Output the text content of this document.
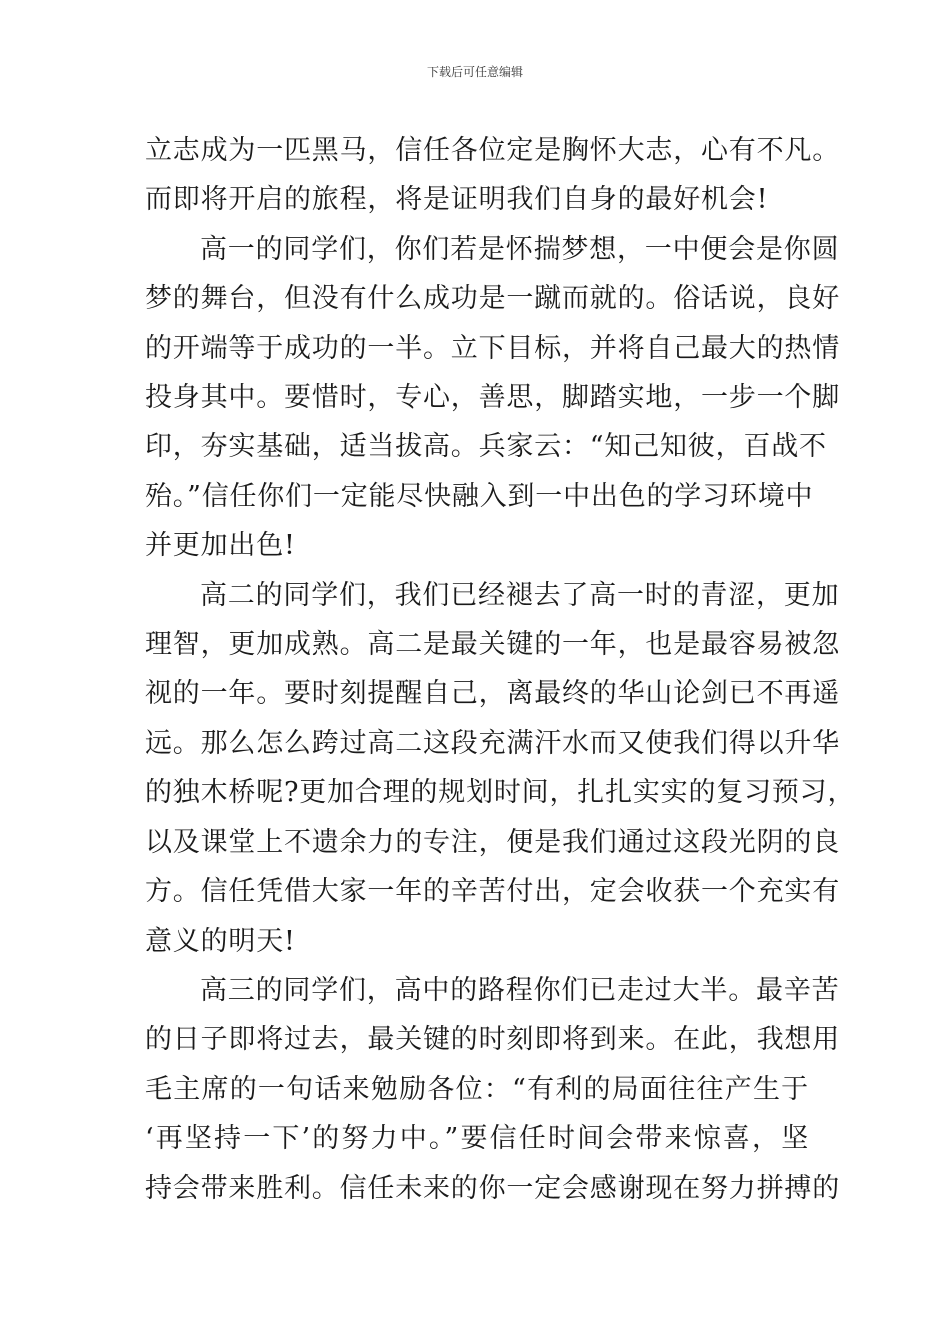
下载后可任意编辑

立志成为一匹黑马，信任各位定是胸怀大志，心有不凡。
而即将开启的旅程，将是证明我们自身的最好机会!

高一的同学们，你们若是怀揣梦想，一中便会是你圆
梦的舞台，但没有什么成功是一蹴而就的。俗话说，良好
的开端等于成功的一半。立下目标，并将自己最大的热情
投身其中。要惜时，专心，善思，脚踏实地，一步一个脚
印，夯实基础，适当拔高。兵家云：“知己知彼，百战不
殆。”信任你们一定能尽快融入到一中出色的学习环境中
并更加出色!

高二的同学们，我们已经褪去了高一时的青涩，更加
理智，更加成熟。高二是最关键的一年，也是最容易被忽
视的一年。要时刻提醒自己，离最终的华山论剑已不再遥
远。那么怎么跨过高二这段充满汗水而又使我们得以升华
的独木桥呢?更加合理的规划时间，扎扎实实的复习预习，
以及课堂上不遗余力的专注，便是我们通过这段光阴的良
方。信任凭借大家一年的辛苦付出，定会收获一个充实有
意义的明天!

高三的同学们，高中的路程你们已走过大半。最辛苦
的日子即将过去，最关键的时刻即将到来。在此，我想用
毛主席的一句话来勉励各位：“有利的局面往往产生于
‘再坚持一下’的努力中。”要信任时间会带来惊喜，坚
持会带来胜利。信任未来的你一定会感谢现在努力拼搏的
